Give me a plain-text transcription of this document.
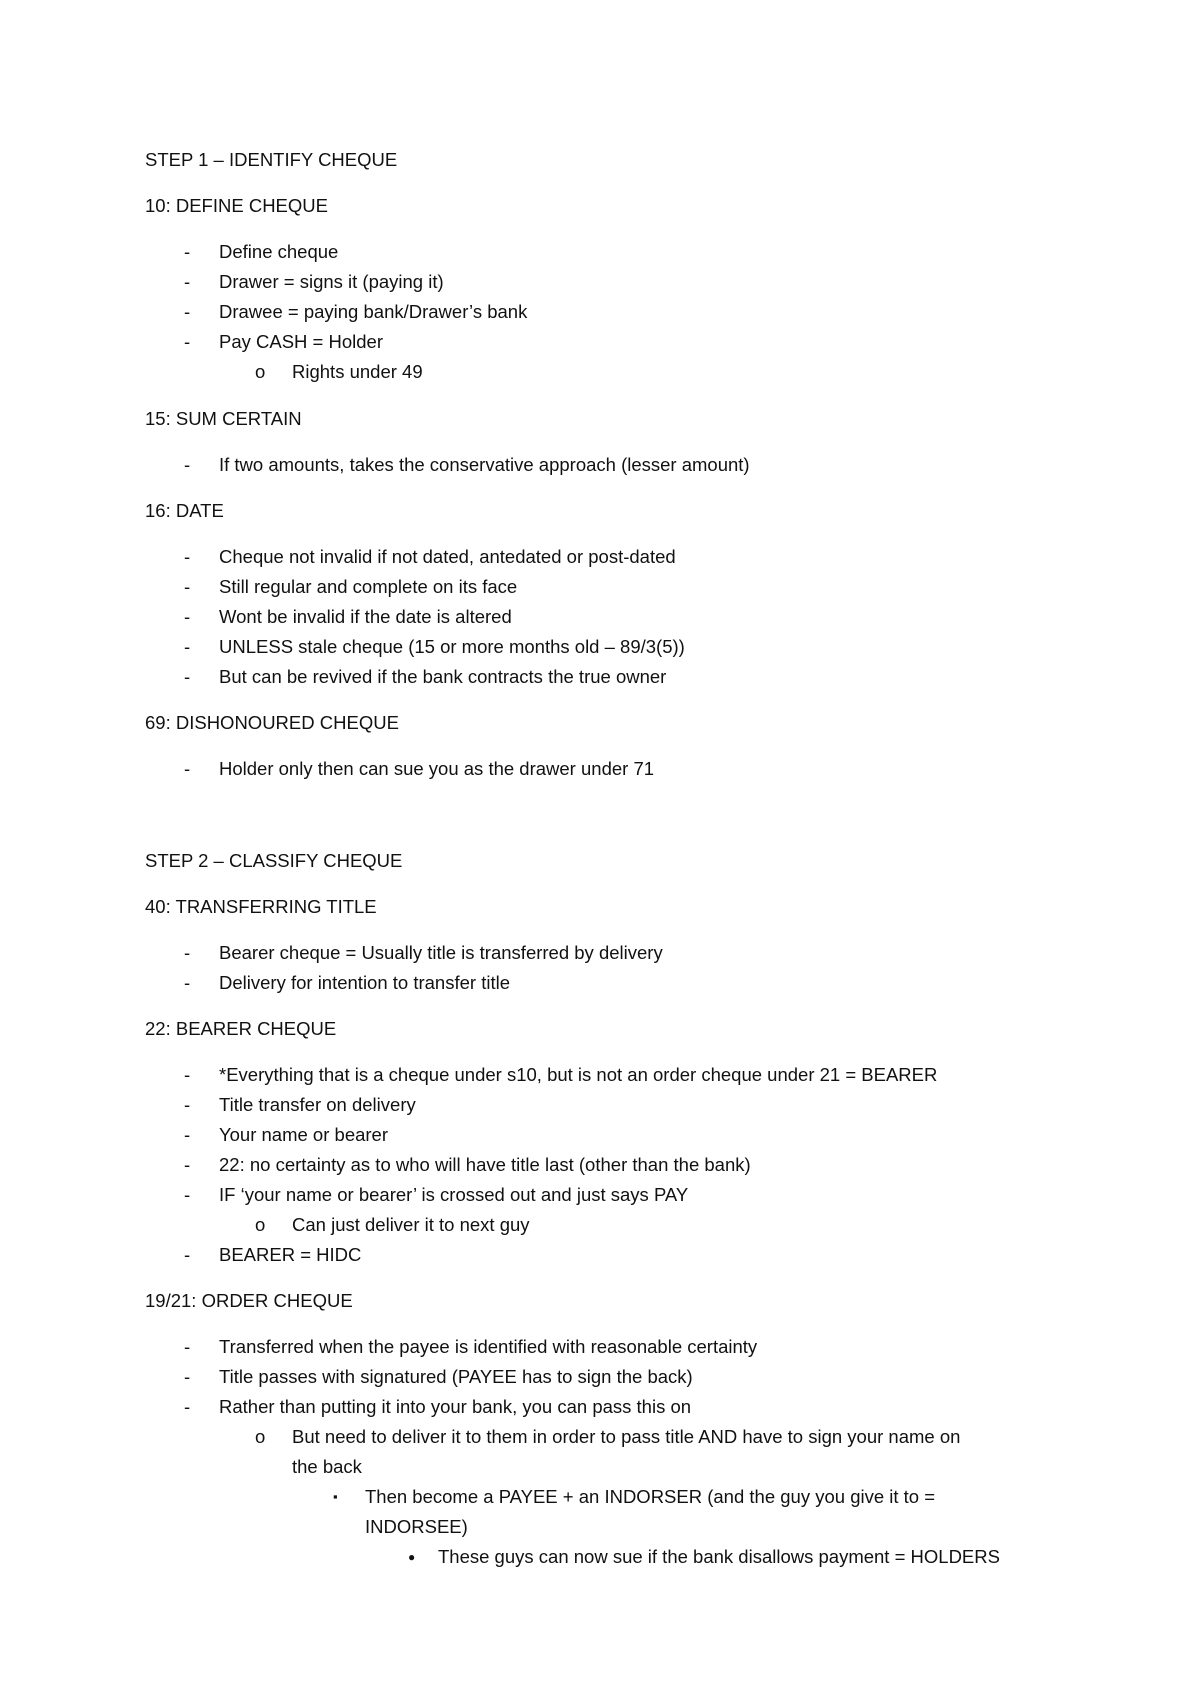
STEP 1 – IDENTIFY CHEQUE
10: DEFINE CHEQUE
- Define cheque
- Drawer = signs it (paying it)
- Drawee = paying bank/Drawer’s bank
- Pay CASH = Holder
o Rights under 49
15: SUM CERTAIN
- If two amounts, takes the conservative approach (lesser amount)
16: DATE
- Cheque not invalid if not dated, antedated or post-dated
- Still regular and complete on its face
- Wont be invalid if the date is altered
- UNLESS stale cheque (15 or more months old – 89/3(5))
- But can be revived if the bank contracts the true owner
69: DISHONOURED CHEQUE
- Holder only then can sue you as the drawer under 71
STEP 2 – CLASSIFY CHEQUE
40: TRANSFERRING TITLE
- Bearer cheque = Usually title is transferred by delivery
- Delivery for intention to transfer title
22: BEARER CHEQUE
- *Everything that is a cheque under s10, but is not an order cheque under 21 = BEARER
- Title transfer on delivery
- Your name or bearer
- 22: no certainty as to who will have title last (other than the bank)
- IF ‘your name or bearer’ is crossed out and just says PAY
o Can just deliver it to next guy
- BEARER = HIDC
19/21: ORDER CHEQUE
- Transferred when the payee is identified with reasonable certainty
- Title passes with signatured (PAYEE has to sign the back)
- Rather than putting it into your bank, you can pass this on
o But need to deliver it to them in order to pass title AND have to sign your name on
the back
▪ Then become a PAYEE + an INDORSER (and the guy you give it to =
INDORSEE)
● These guys can now sue if the bank disallows payment = HOLDERS
